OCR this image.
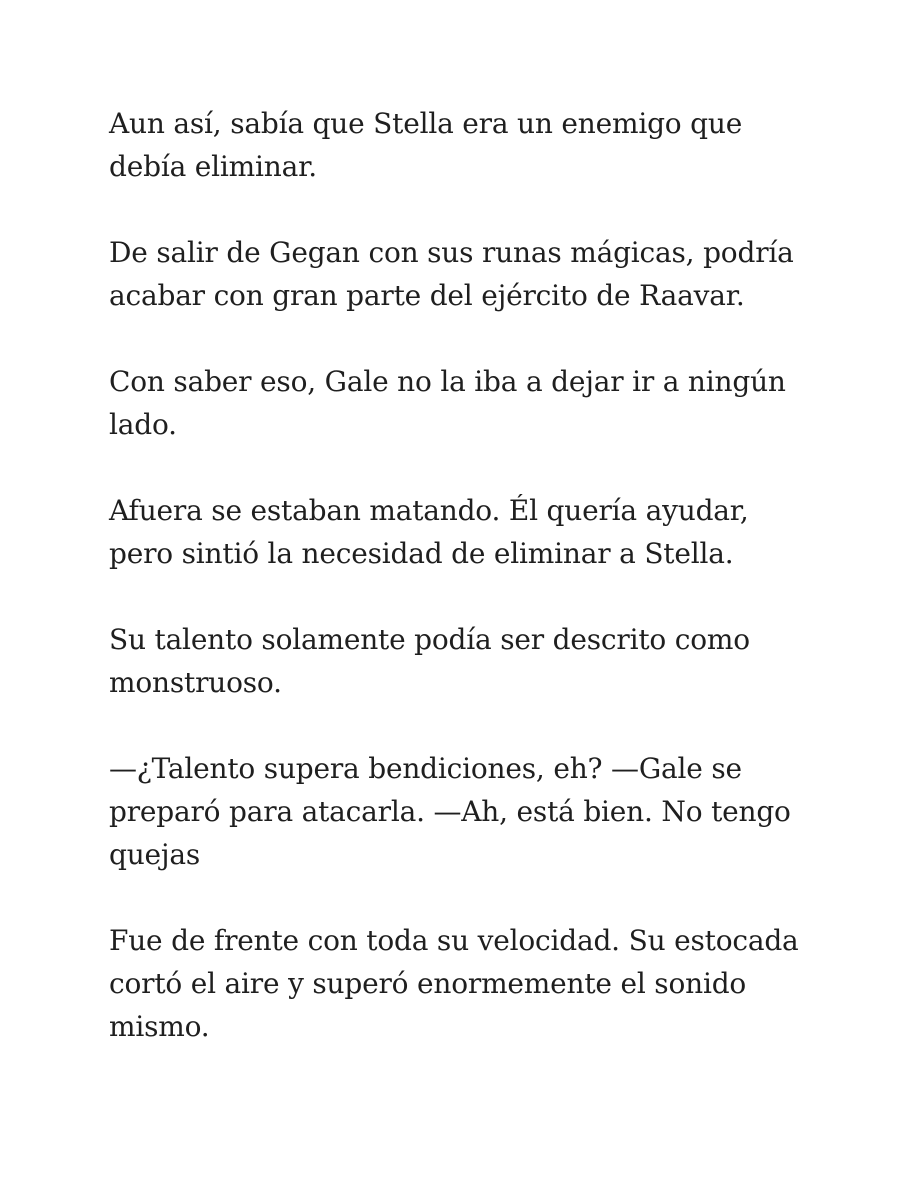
Aun así, sabía que Stella era un enemigo que debía eliminar.

De salir de Gegan con sus runas mágicas, podría acabar con gran parte del ejército de Raavar.

Con saber eso, Gale no la iba a dejar ir a ningún lado.

Afuera se estaban matando. Él quería ayudar, pero sintió la necesidad de eliminar a Stella.

Su talento solamente podía ser descrito como monstruoso.

—¿Talento supera bendiciones, eh? —Gale se preparó para atacarla. —Ah, está bien. No tengo quejas

Fue de frente con toda su velocidad. Su estocada cortó el aire y superó enormemente el sonido mismo.
